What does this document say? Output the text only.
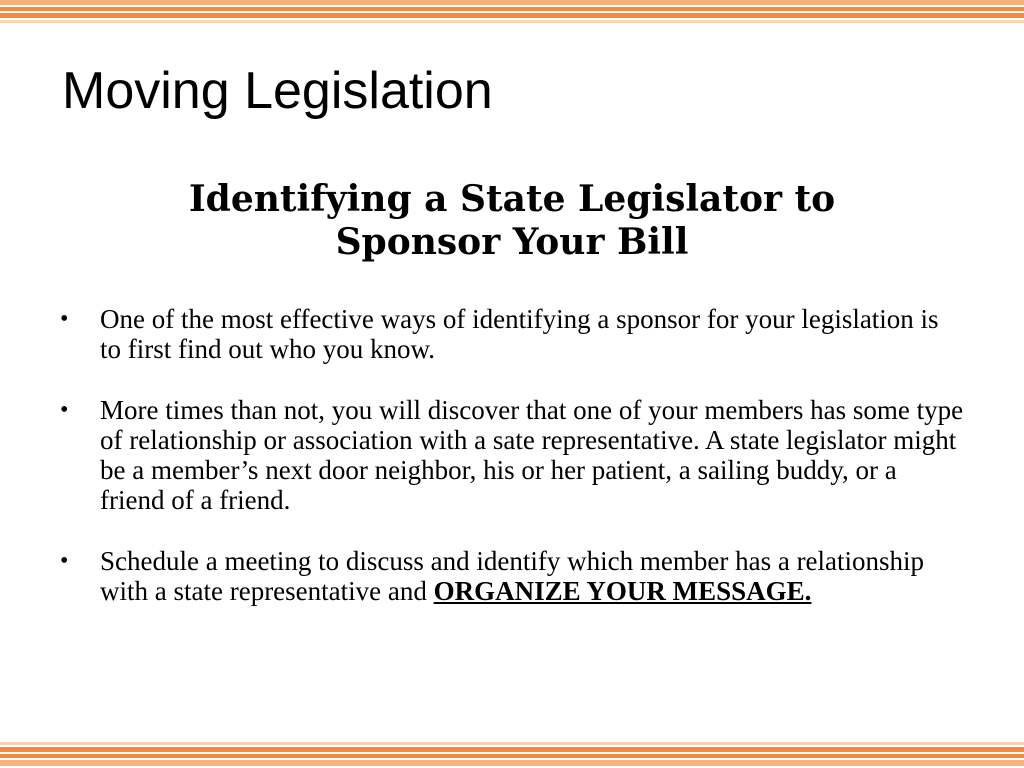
Moving Legislation
Identifying a State Legislator to
Sponsor Your Bill
•	One of the most effective ways of identifying a sponsor for your legislation is to first find out who you know.
•	More times than not, you will discover that one of your members has some type of relationship or association with a sate representative. A state legislator might be a member’s next door neighbor, his or her patient, a sailing buddy, or a friend of a friend.
•	Schedule a meeting to discuss and identify which member has a relationship with a state representative and ORGANIZE YOUR MESSAGE.
